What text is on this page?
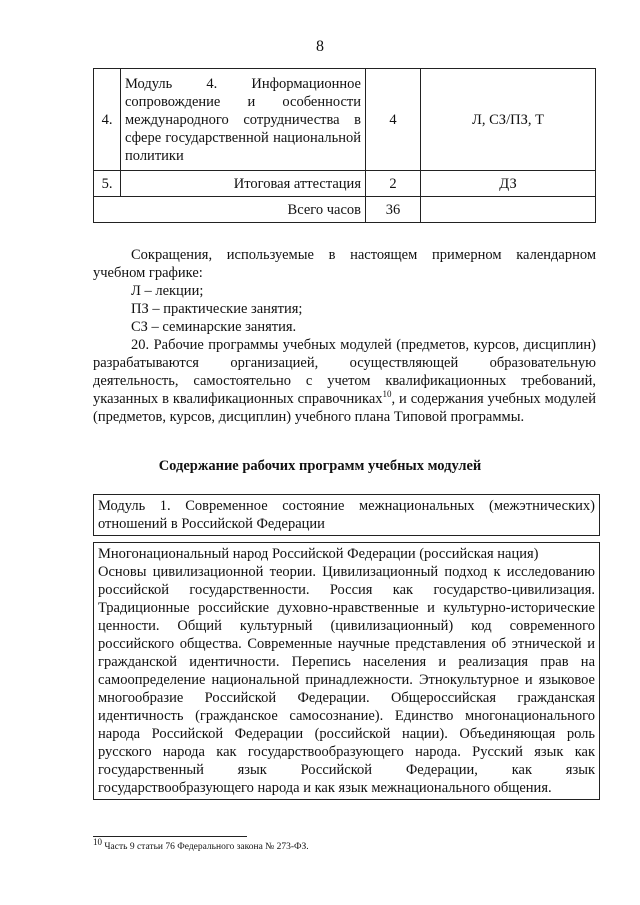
8
4.	Модуль 4. Информационное сопровождение и особенности международного сотрудничества в сфере государственной национальной политики	4	Л, СЗ/ПЗ, Т
5.	Итоговая аттестация	2	ДЗ
Всего часов		36	
Сокращения, используемые в настоящем примерном календарном учебном графике:
Л – лекции;
ПЗ – практические занятия;
СЗ – семинарские занятия.
20. Рабочие программы учебных модулей (предметов, курсов, дисциплин) разрабатываются организацией, осуществляющей образовательную деятельность, самостоятельно с учетом квалификационных требований, указанных в квалификационных справочниках$^{10}$, и содержания учебных модулей (предметов, курсов, дисциплин) учебного плана Типовой программы.
Содержание рабочих программ учебных модулей
Модуль 1. Современное состояние межнациональных (межэтнических) отношений в Российской Федерации
Многонациональный народ Российской Федерации (российская нация)
Основы цивилизационной теории. Цивилизационный подход к исследованию российской государственности. Россия как государство-цивилизация. Традиционные российские духовно-нравственные и культурно-исторические ценности. Общий культурный (цивилизационный) код современного российского общества. Современные научные представления об этнической и гражданской идентичности. Перепись населения и реализация прав на самоопределение национальной принадлежности. Этнокультурное и языковое многообразие Российской Федерации. Общероссийская гражданская идентичность (гражданское самосознание). Единство многонационального народа Российской Федерации (российской нации). Объединяющая роль русского народа как государствообразующего народа. Русский язык как государственный язык Российской Федерации, как язык государствообразующего народа и как язык межнационального общения.
$^{10}$ Часть 9 статьи 76 Федерального закона № 273-ФЗ.
